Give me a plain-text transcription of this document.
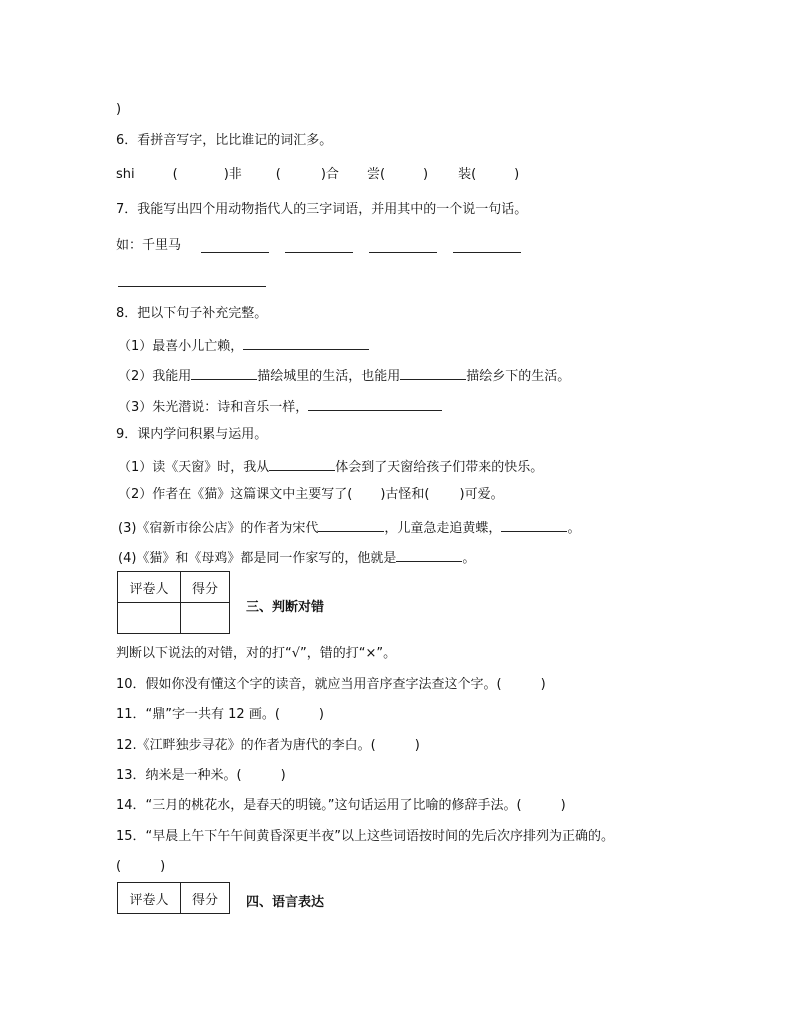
)
6．看拼音写字，比比谁记的词汇多。
shi	(	)非	(	)合 尝(	) 装(	)
7．我能写出四个用动物指代人的三字词语，并用其中的一个说一句话。
如：千里马
8．把以下句子补充完整。
（1）最喜小儿亡赖，
（2）我能用	描绘城里的生活，也能用	描绘乡下的生活。
（3）朱光潜说：诗和音乐一样，
9．课内学问积累与运用。
（1）读《天窗》时，我从	体会到了天窗给孩子们带来的快乐。
（2）作者在《猫》这篇课文中主要写了( )古怪和( )可爱。
(3)《宿新市徐公店》的作者为宋代	，儿童急走追黄蝶，	。
(4)《猫》和《母鸡》都是同一作家写的，他就是	。
评卷人	得分

三、判断对错
判断以下说法的对错，对的打“√”，错的打“×”。
10．假如你没有懂这个字的读音，就应当用音序查字法查这个字。(　　　)
11．“鼎”字一共有 12 画。(　　　)
12.《江畔独步寻花》的作者为唐代的李白。(　　　)
13．纳米是一种米。(　　　)
14．“三月的桃花水，是春天的明镜。”这句话运用了比喻的修辞手法。(　　　)
15．“早晨上午下午午间黄昏深更半夜”以上这些词语按时间的先后次序排列为正确的。
(　　　)
评卷人	得分 四、语言表达
